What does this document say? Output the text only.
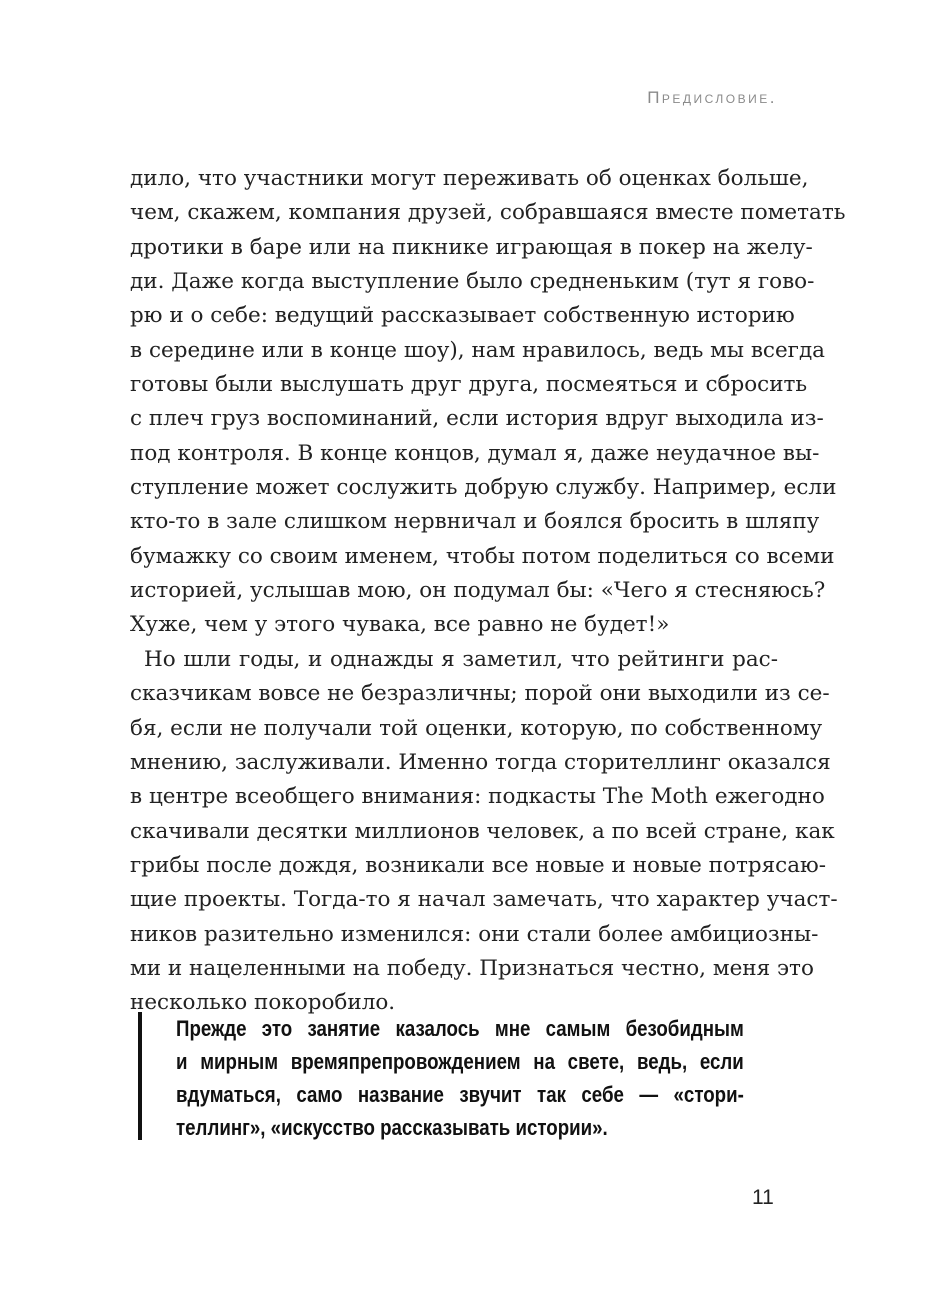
Предисловие.
дило, что участники могут переживать об оценках больше,
чем, скажем, компания друзей, собравшаяся вместе пометать
дротики в баре или на пикнике играющая в покер на желу-
ди. Даже когда выступление было средненьким (тут я гово-
рю и о себе: ведущий рассказывает собственную историю
в середине или в конце шоу), нам нравилось, ведь мы всегда
готовы были выслушать друг друга, посмеяться и сбросить
с плеч груз воспоминаний, если история вдруг выходила из-
под контроля. В конце концов, думал я, даже неудачное вы-
ступление может сослужить добрую службу. Например, если
кто-то в зале слишком нервничал и боялся бросить в шляпу
бумажку со своим именем, чтобы потом поделиться со всеми
историей, услышав мою, он подумал бы: «Чего я стесняюсь?
Хуже, чем у этого чувака, все равно не будет!»
Но шли годы, и однажды я заметил, что рейтинги рас-
сказчикам вовсе не безразличны; порой они выходили из се-
бя, если не получали той оценки, которую, по собственному
мнению, заслуживали. Именно тогда сторителлинг оказался
в центре всеобщего внимания: подкасты The Moth ежегодно
скачивали десятки миллионов человек, а по всей стране, как
грибы после дождя, возникали все новые и новые потрясаю-
щие проекты. Тогда-то я начал замечать, что характер участ-
ников разительно изменился: они стали более амбициозны-
ми и нацеленными на победу. Признаться честно, меня это
несколько покоробило.
Прежде это занятие казалось мне самым безобидным
и мирным времяпрепровождением на свете, ведь, если
вдуматься, само название звучит так себе — «стори-
теллинг», «искусство рассказывать истории».
11
